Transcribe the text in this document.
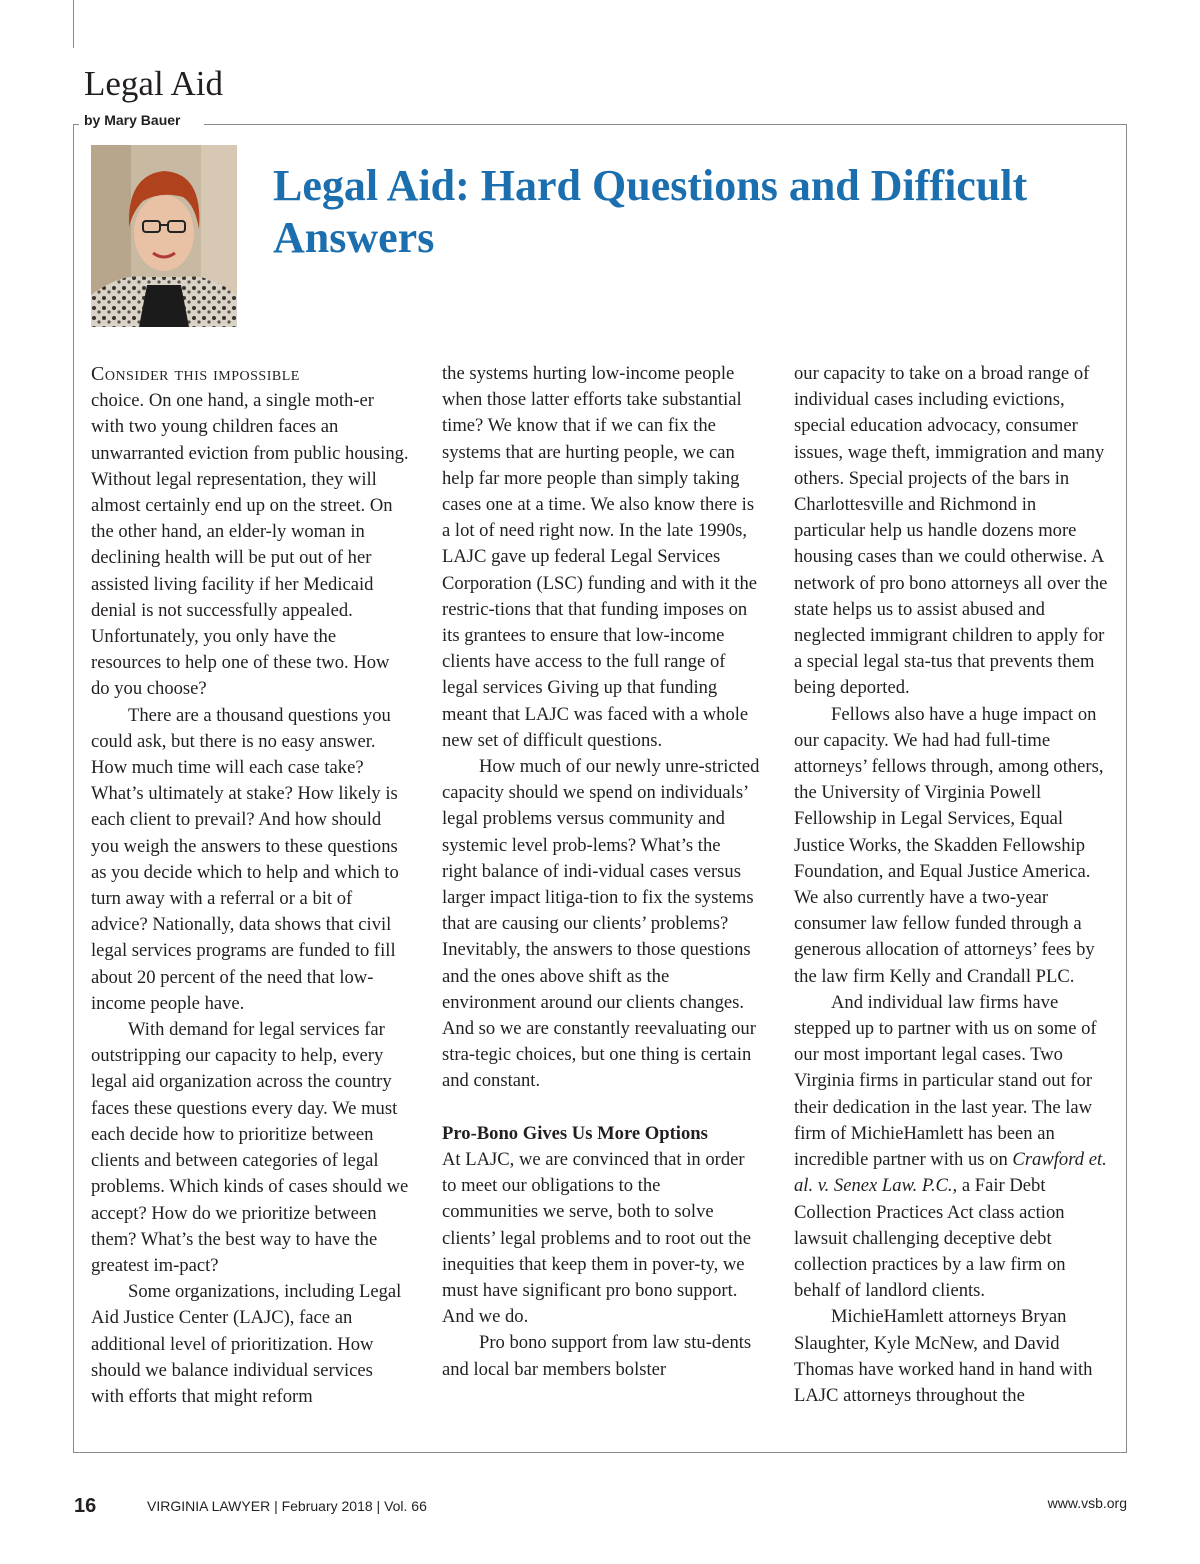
Legal Aid
by Mary Bauer
Legal Aid: Hard Questions and Difficult Answers

Consider this impossible
choice. On one hand, a single moth-er with two young children faces an unwarranted eviction from public housing. Without legal representation, they will almost certainly end up on the street. On the other hand, an elder-ly woman in declining health will be put out of her assisted living facility if her Medicaid denial is not successfully appealed. Unfortunately, you only have the resources to help one of these two. How do you choose?

There are a thousand questions you could ask, but there is no easy answer. How much time will each case take? What’s ultimately at stake? How likely is each client to prevail? And how should you weigh the answers to these questions as you decide which to help and which to turn away with a referral or a bit of advice? Nationally, data shows that civil legal services programs are funded to fill about 20 percent of the need that low-income people have.

With demand for legal services far outstripping our capacity to help, every legal aid organization across the country faces these questions every day. We must each decide how to prioritize between clients and between categories of legal problems. Which kinds of cases should we accept? How do we prioritize between them? What’s the best way to have the greatest im-pact?

Some organizations, including Legal Aid Justice Center (LAJC), face an additional level of prioritization. How should we balance individual services with efforts that might reform

the systems hurting low-income people when those latter efforts take substantial time? We know that if we can fix the systems that are hurting people, we can help far more people than simply taking cases one at a time. We also know there is a lot of need right now. In the late 1990s, LAJC gave up federal Legal Services Corporation (LSC) funding and with it the restric-tions that that funding imposes on its grantees to ensure that low-income clients have access to the full range of legal services Giving up that funding meant that LAJC was faced with a whole new set of difficult questions.

How much of our newly unre-stricted capacity should we spend on individuals’ legal problems versus community and systemic level prob-lems? What’s the right balance of indi-vidual cases versus larger impact litiga-tion to fix the systems that are causing our clients’ problems? Inevitably, the answers to those questions and the ones above shift as the environment around our clients changes. And so we are constantly reevaluating our stra-tegic choices, but one thing is certain and constant.

Pro-Bono Gives Us More Options

At LAJC, we are convinced that in order to meet our obligations to the communities we serve, both to solve clients’ legal problems and to root out the inequities that keep them in pover-ty, we must have significant pro bono support. And we do.

Pro bono support from law stu-dents and local bar members bolster

our capacity to take on a broad range of individual cases including evictions, special education advocacy, consumer issues, wage theft, immigration and many others. Special projects of the bars in Charlottesville and Richmond in particular help us handle dozens more housing cases than we could otherwise. A network of pro bono attorneys all over the state helps us to assist abused and neglected immigrant children to apply for a special legal sta-tus that prevents them being deported.

Fellows also have a huge impact on our capacity. We had had full-time attorneys’ fellows through, among others, the University of Virginia Powell Fellowship in Legal Services, Equal Justice Works, the Skadden Fellowship Foundation, and Equal Justice America. We also currently have a two-year consumer law fellow funded through a generous allocation of attorneys’ fees by the law firm Kelly and Crandall PLC.

And individual law firms have stepped up to partner with us on some of our most important legal cases. Two Virginia firms in particular stand out for their dedication in the last year. The law firm of MichieHamlett has been an incredible partner with us on Crawford et. al. v. Senex Law. P.C., a Fair Debt Collection Practices Act class action lawsuit challenging deceptive debt collection practices by a law firm on behalf of landlord clients.

MichieHamlett attorneys Bryan Slaughter, Kyle McNew, and David Thomas have worked hand in hand with LAJC attorneys throughout the

16	VIRGINIA LAWYER | February 2018 | Vol. 66	www.vsb.org
